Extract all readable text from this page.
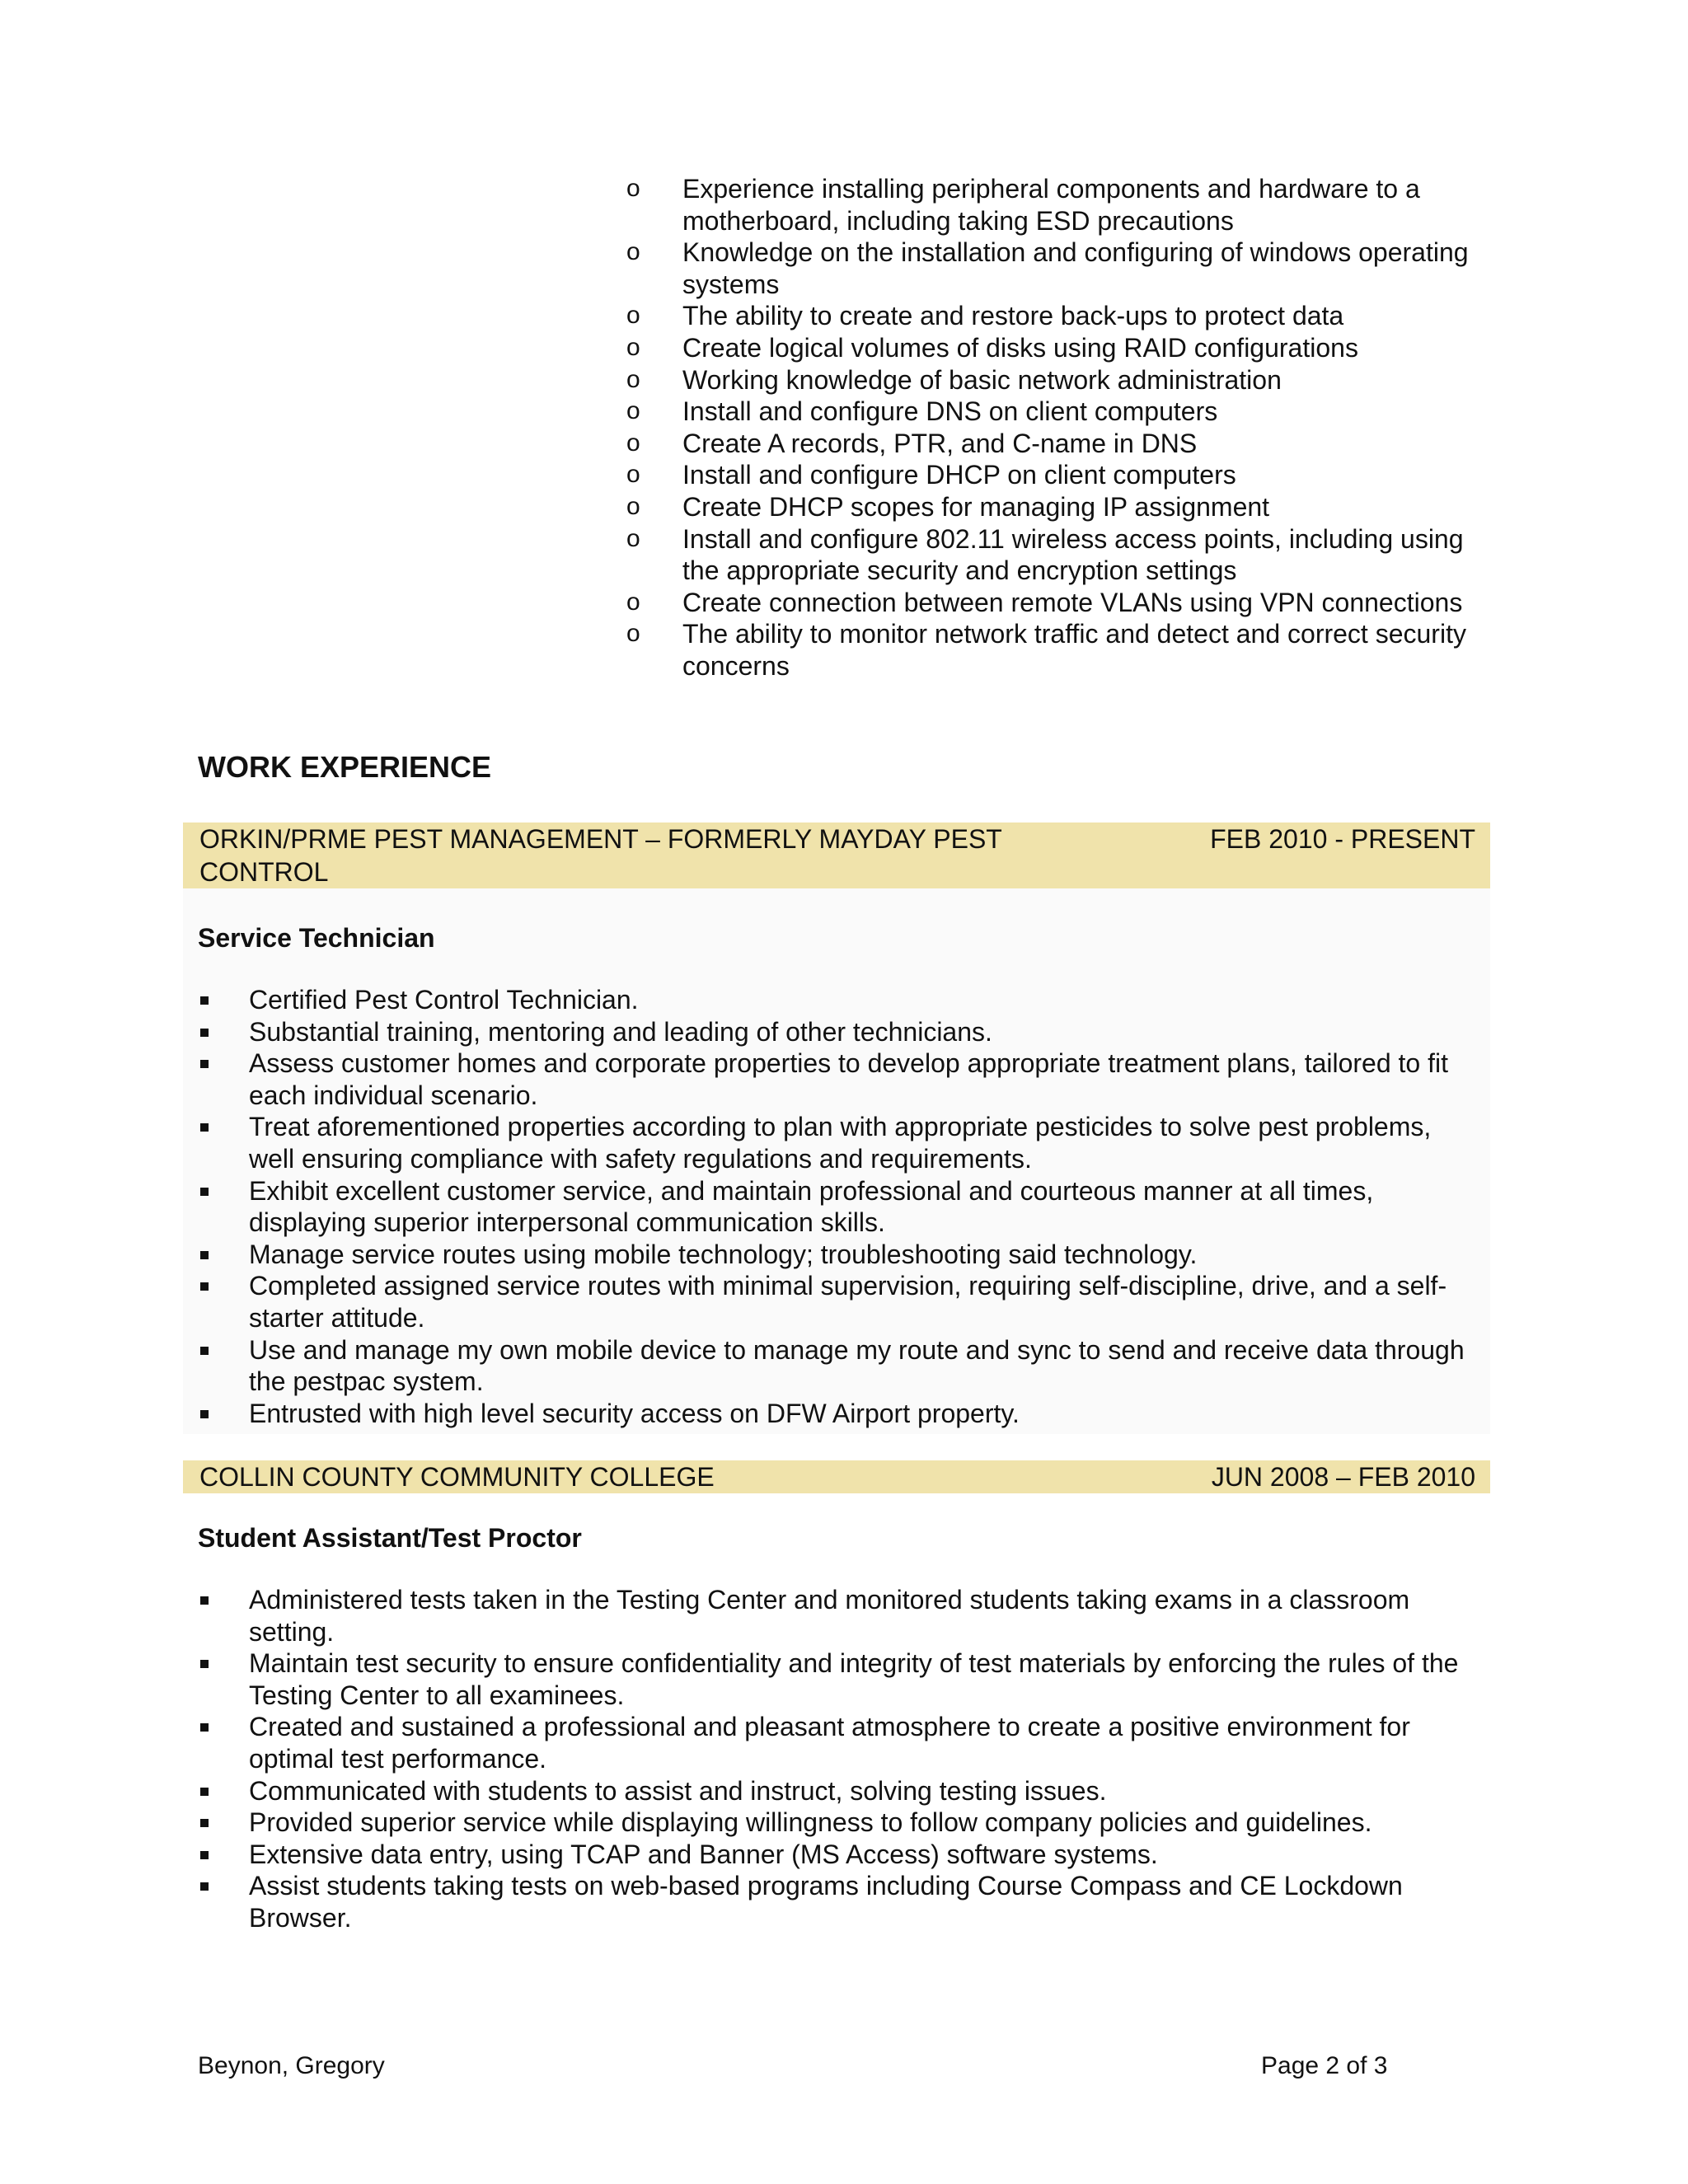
o Experience installing peripheral components and hardware to a motherboard, including taking ESD precautions
o Knowledge on the installation and configuring of windows operating systems
o The ability to create and restore back-ups to protect data
o Create logical volumes of disks using RAID configurations
o Working knowledge of basic network administration
o Install and configure DNS on client computers
o Create A records, PTR, and C-name in DNS
o Install and configure DHCP on client computers
o Create DHCP scopes for managing IP assignment
o Install and configure 802.11 wireless access points, including using the appropriate security and encryption settings
o Create connection between remote VLANs using VPN connections
o The ability to monitor network traffic and detect and correct security concerns
WORK EXPERIENCE
ORKIN/PRME PEST MANAGEMENT – FORMERLY MAYDAY PEST CONTROL
FEB 2010 - PRESENT
Service Technician
Certified Pest Control Technician.
Substantial training, mentoring and leading of other technicians.
Assess customer homes and corporate properties to develop appropriate treatment plans, tailored to fit each individual scenario.
Treat aforementioned properties according to plan with appropriate pesticides to solve pest problems, well ensuring compliance with safety regulations and requirements.
Exhibit excellent customer service, and maintain professional and courteous manner at all times, displaying superior interpersonal communication skills.
Manage service routes using mobile technology; troubleshooting said technology.
Completed assigned service routes with minimal supervision, requiring self-discipline, drive, and a self-starter attitude.
Use and manage my own mobile device to manage my route and sync to send and receive data through the pestpac system.
Entrusted with high level security access on DFW Airport property.
COLLIN COUNTY COMMUNITY COLLEGE	JUN 2008 – FEB 2010
Student Assistant/Test Proctor
Administered tests taken in the Testing Center and monitored students taking exams in a classroom setting.
Maintain test security to ensure confidentiality and integrity of test materials by enforcing the rules of the Testing Center to all examinees.
Created and sustained a professional and pleasant atmosphere to create a positive environment for optimal test performance.
Communicated with students to assist and instruct, solving testing issues.
Provided superior service while displaying willingness to follow company policies and guidelines.
Extensive data entry, using TCAP and Banner (MS Access) software systems.
Assist students taking tests on web-based programs including Course Compass and CE Lockdown Browser.
Beynon, Gregory	Page 2 of 3
